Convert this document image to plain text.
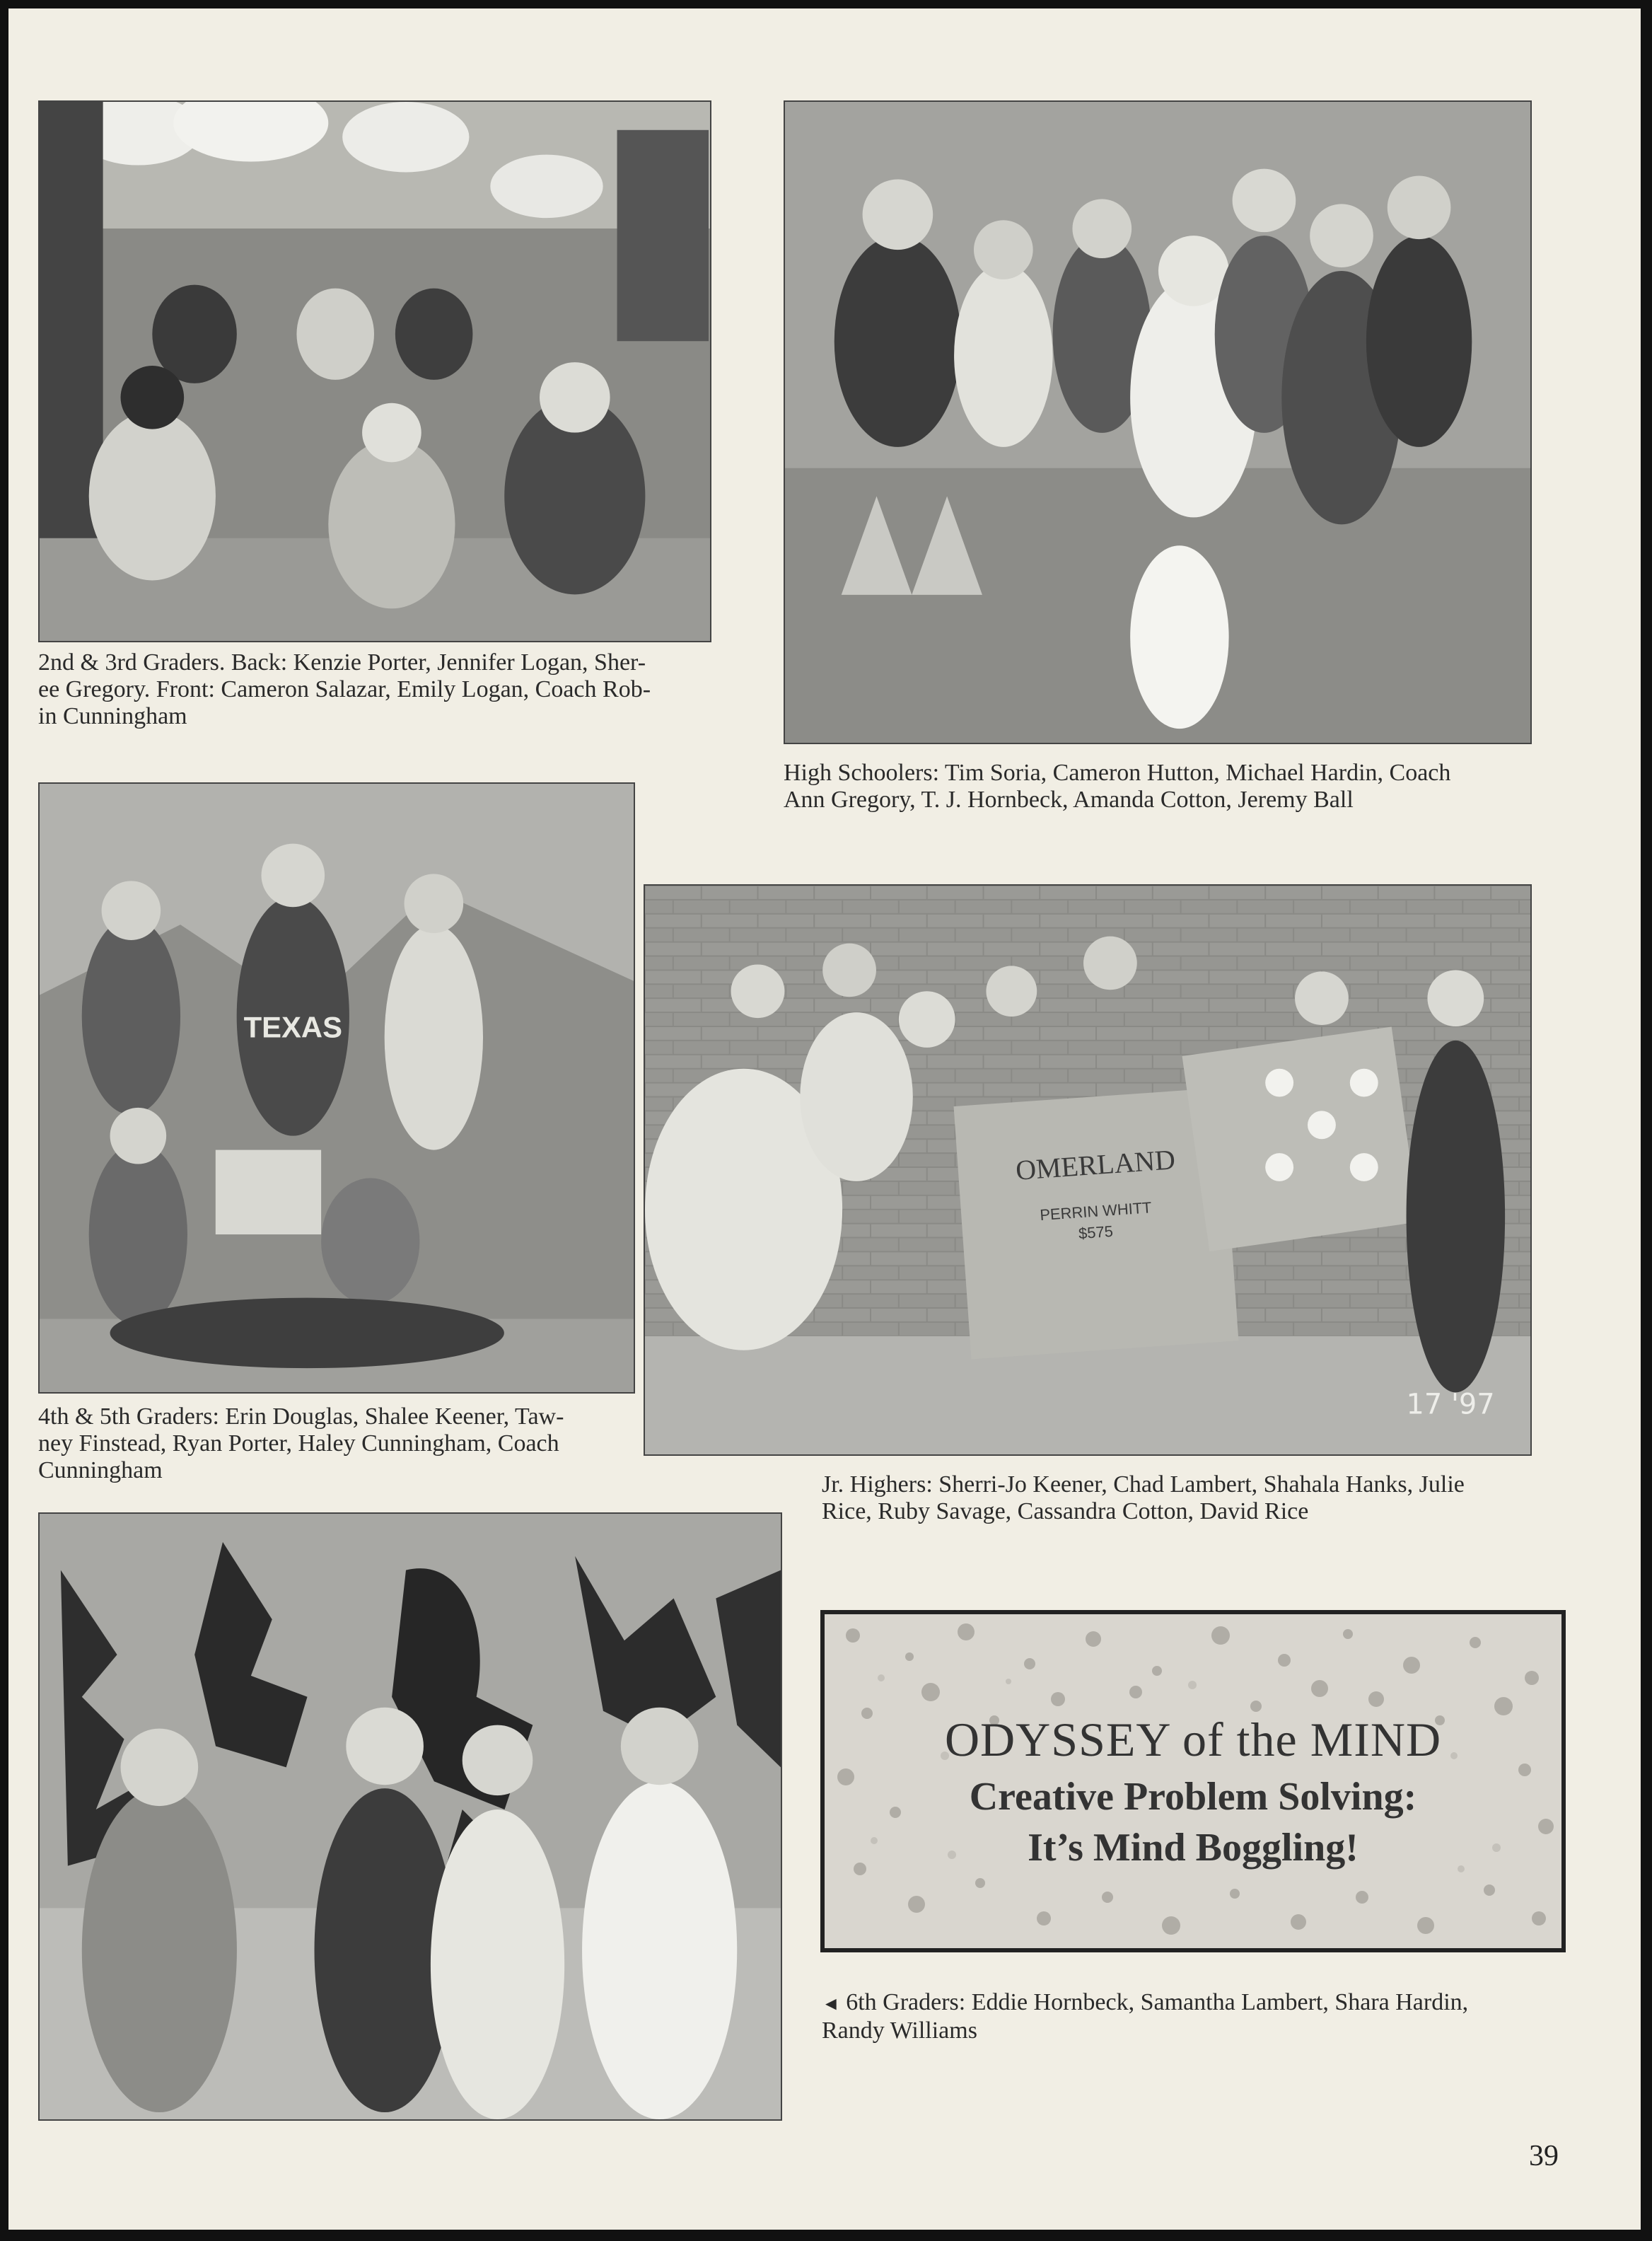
2nd & 3rd Graders. Back: Kenzie Porter, Jennifer Logan, Sher-
ee Gregory. Front: Cameron Salazar, Emily Logan, Coach Rob-
in Cunningham

High Schoolers: Tim Soria, Cameron Hutton, Michael Hardin, Coach
Ann Gregory, T. J. Hornbeck, Amanda Cotton, Jeremy Ball

TEXAS

4th & 5th Graders: Erin Douglas, Shalee Keener, Taw-
ney Finstead, Ryan Porter, Haley Cunningham, Coach
Cunningham

OMERLAND
PERRIN WHITT
$575
17 '97

Jr. Highers: Sherri-Jo Keener, Chad Lambert, Shahala Hanks, Julie
Rice, Ruby Savage, Cassandra Cotton, David Rice

ODYSSEY of the MIND
Creative Problem Solving:
It’s Mind Boggling!

◄ 6th Graders: Eddie Hornbeck, Samantha Lambert, Shara Hardin,
Randy Williams

39
